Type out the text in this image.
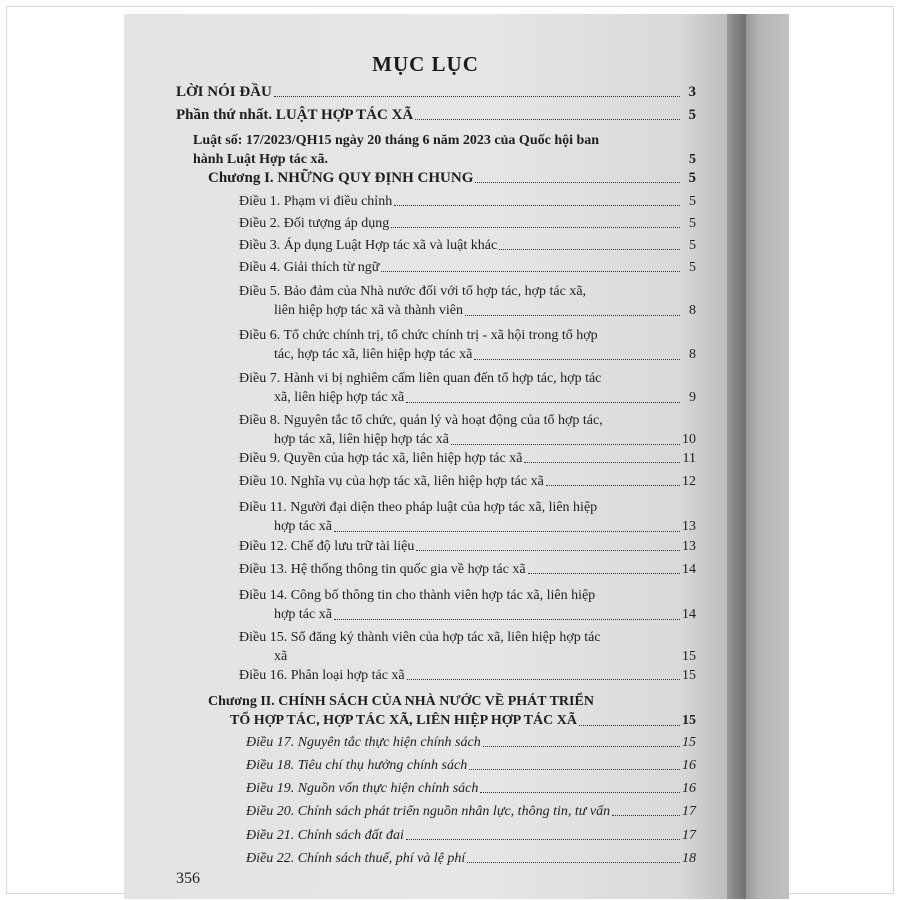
MỤC LỤC
LỜI NÓI ĐẦU	3
Phần thứ nhất. LUẬT HỢP TÁC XÃ	5
Luật số: 17/2023/QH15 ngày 20 tháng 6 năm 2023 của Quốc hội ban
hành Luật Hợp tác xã.	5
Chương I. NHỮNG QUY ĐỊNH CHUNG	5
Điều 1. Phạm vi điều chỉnh	5
Điều 2. Đối tượng áp dụng	5
Điều 3. Áp dụng Luật Hợp tác xã và luật khác	5
Điều 4. Giải thích từ ngữ	5
Điều 5. Bảo đảm của Nhà nước đối với tổ hợp tác, hợp tác xã,
liên hiệp hợp tác xã và thành viên	8
Điều 6. Tổ chức chính trị, tổ chức chính trị - xã hội trong tổ hợp
tác, hợp tác xã, liên hiệp hợp tác xã	8
Điều 7. Hành vi bị nghiêm cấm liên quan đến tổ hợp tác, hợp tác
xã, liên hiệp hợp tác xã	9
Điều 8. Nguyên tắc tổ chức, quản lý và hoạt động của tổ hợp tác,
hợp tác xã, liên hiệp hợp tác xã	10
Điều 9. Quyền của hợp tác xã, liên hiệp hợp tác xã	11
Điều 10. Nghĩa vụ của hợp tác xã, liên hiệp hợp tác xã	12
Điều 11. Người đại diện theo pháp luật của hợp tác xã, liên hiệp
hợp tác xã	13
Điều 12. Chế độ lưu trữ tài liệu	13
Điều 13. Hệ thống thông tin quốc gia về hợp tác xã	14
Điều 14. Công bố thông tin cho thành viên hợp tác xã, liên hiệp
hợp tác xã	14
Điều 15. Sổ đăng ký thành viên của hợp tác xã, liên hiệp hợp tác
xã	15
Điều 16. Phân loại hợp tác xã	15
Chương II. CHÍNH SÁCH CỦA NHÀ NƯỚC VỀ PHÁT TRIỂN
TỔ HỢP TÁC, HỢP TÁC XÃ, LIÊN HIỆP HỢP TÁC XÃ	15
Điều 17. Nguyên tắc thực hiện chính sách	15
Điều 18. Tiêu chí thụ hưởng chính sách	16
Điều 19. Nguồn vốn thực hiện chính sách	16
Điều 20. Chính sách phát triển nguồn nhân lực, thông tin, tư vấn	17
Điều 21. Chính sách đất đai	17
Điều 22. Chính sách thuế, phí và lệ phí	18
356
